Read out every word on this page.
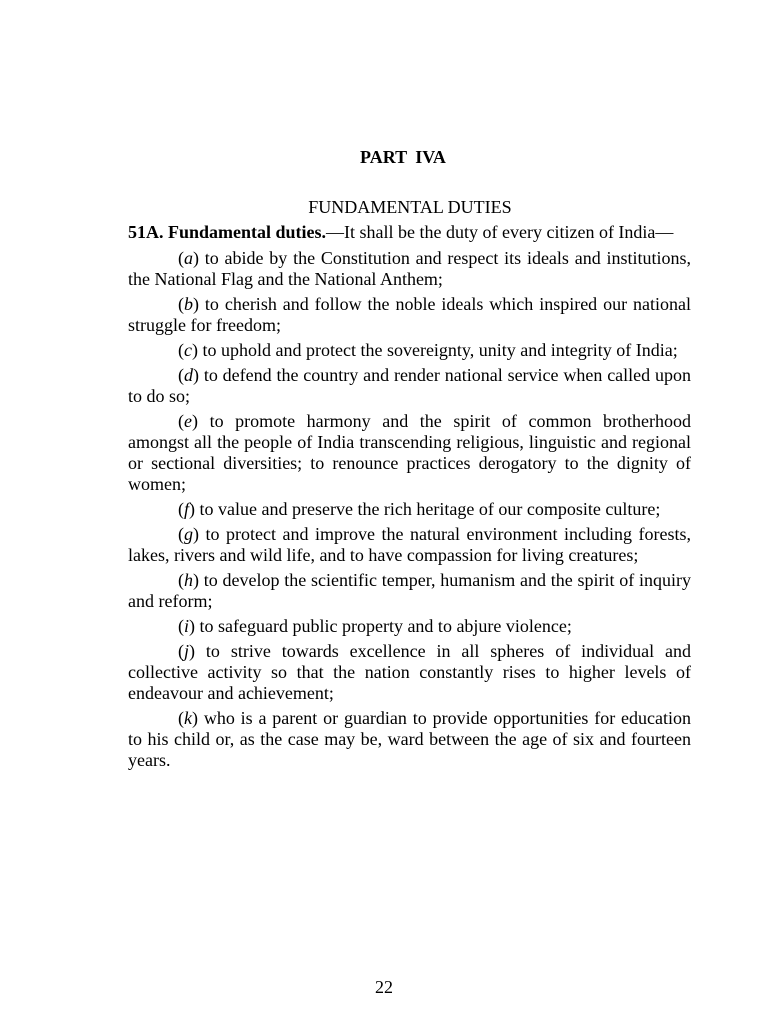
PART IVA
FUNDAMENTAL DUTIES

51A. Fundamental duties.—It shall be the duty of every citizen of India—

(a) to abide by the Constitution and respect its ideals and institutions, the National Flag and the National Anthem;

(b) to cherish and follow the noble ideals which inspired our national struggle for freedom;

(c) to uphold and protect the sovereignty, unity and integrity of India;

(d) to defend the country and render national service when called upon to do so;

(e) to promote harmony and the spirit of common brotherhood amongst all the people of India transcending religious, linguistic and regional or sectional diversities; to renounce practices derogatory to the dignity of women;

(f) to value and preserve the rich heritage of our composite culture;

(g) to protect and improve the natural environment including forests, lakes, rivers and wild life, and to have compassion for living creatures;

(h) to develop the scientific temper, humanism and the spirit of inquiry and reform;

(i) to safeguard public property and to abjure violence;

(j) to strive towards excellence in all spheres of individual and collective activity so that the nation constantly rises to higher levels of endeavour and achievement;

(k) who is a parent or guardian to provide opportunities for education to his child or, as the case may be, ward between the age of six and fourteen years.

22
